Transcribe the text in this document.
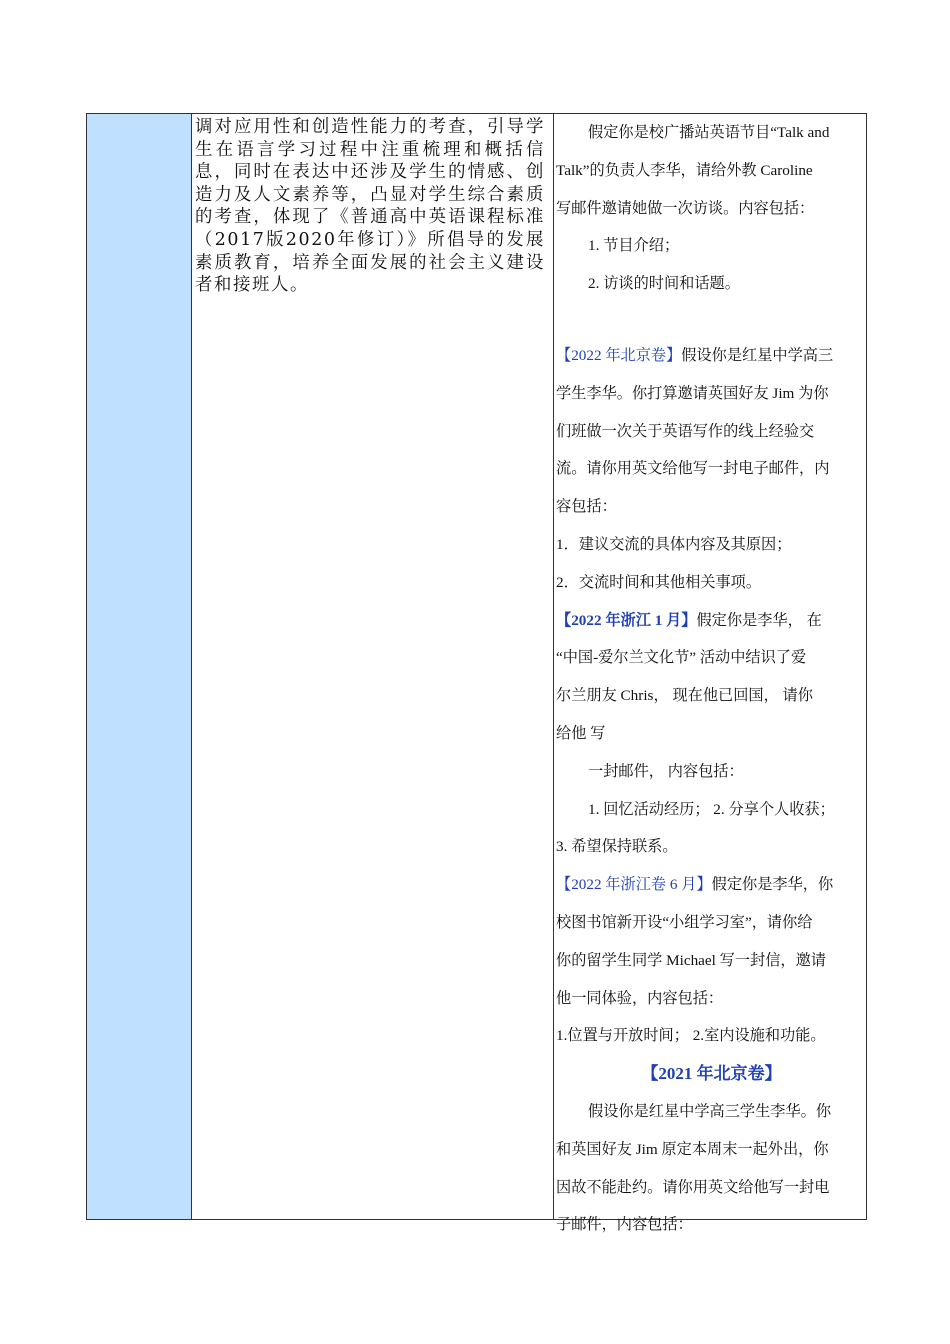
调对应用性和创造性能力的考查，引导学生在语言学习过程中注重梳理和概括信息，同时在表达中还涉及学生的情感、创造力及人文素养等，凸显对学生综合素质的考查，体现了《普通高中英语课程标准（2017版2020年修订）》所倡导的发展素质教育，培养全面发展的社会主义建设者和接班人。

假定你是校广播站英语节目“Talk and

Talk”的负责人李华，请给外教 Caroline

写邮件邀请她做一次访谈。内容包括：

1. 节目介绍；

2. 访谈的时间和话题。

【2022 年北京卷】假设你是红星中学高三

学生李华。你打算邀请英国好友 Jim 为你

们班做一次关于英语写作的线上经验交

流。请你用英文给他写一封电子邮件，内

容包括：

1．建议交流的具体内容及其原因；

2．交流时间和其他相关事项。

【2022 年浙江 1 月】假定你是李华， 在

“中国-爱尔兰文化节” 活动中结识了爱

尔兰朋友 Chris， 现在他已回国， 请你

给他 写

一封邮件， 内容包括：

1. 回忆活动经历； 2. 分享个人收获；

3. 希望保持联系。

【2022 年浙江卷 6 月】假定你是李华，你

校图书馆新开设“小组学习室”，请你给

你的留学生同学 Michael 写一封信，邀请

他一同体验，内容包括：

1.位置与开放时间； 2.室内设施和功能。

【2021 年北京卷】

假设你是红星中学高三学生李华。你

和英国好友 Jim 原定本周末一起外出，你

因故不能赴约。请你用英文给他写一封电

子邮件，内容包括：
